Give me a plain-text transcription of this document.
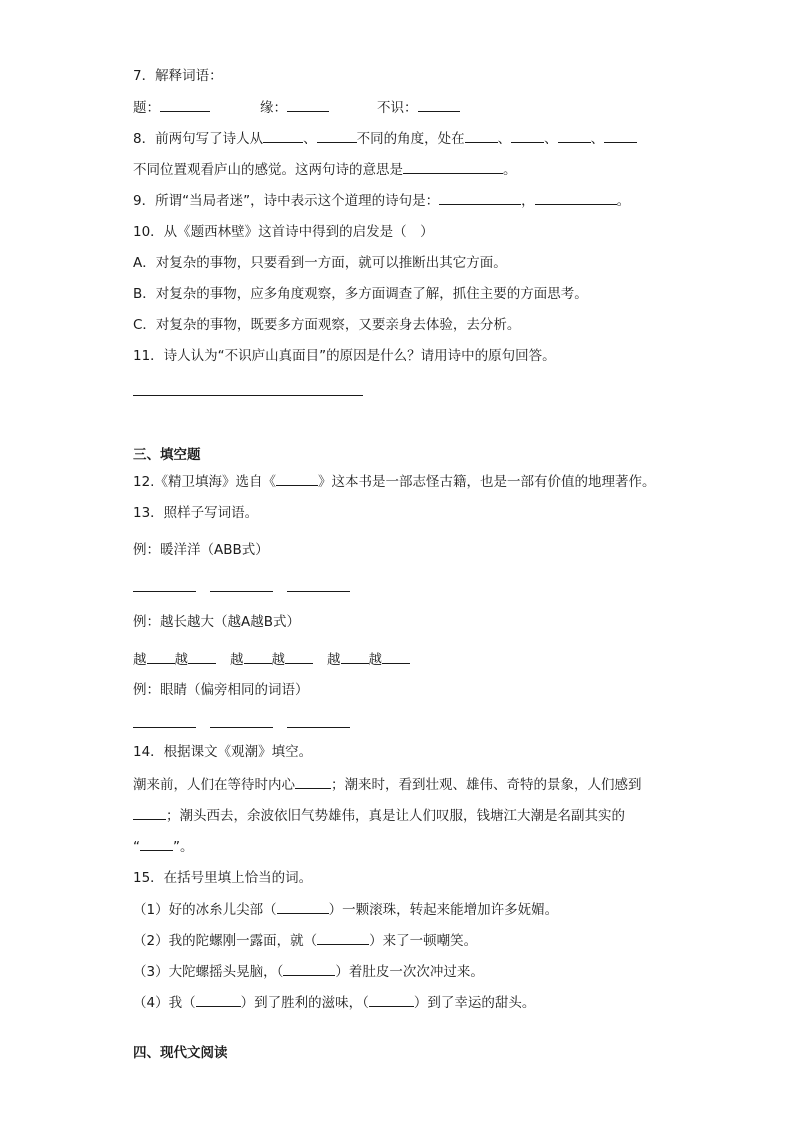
7．解释词语：
题：	缘：	不识：
8．前两句写了诗人从	、	不同的角度，处在 、 、 、
不同位置观看庐山的感觉。这两句诗的意思是	。
9．所谓“当局者迷”，诗中表示这个道理的诗句是：	，	。
10．从《题西林壁》这首诗中得到的启发是（　）
A．对复杂的事物，只要看到一方面，就可以推断出其它方面。
B．对复杂的事物，应多角度观察，多方面调查了解，抓住主要的方面思考。
C．对复杂的事物，既要多方面观察，又要亲身去体验，去分析。
11．诗人认为“不识庐山真面目”的原因是什么？请用诗中的原句回答。
三、填空题
12.《精卫填海》选自《	》这本书是一部志怪古籍，也是一部有价值的地理著作。
13．照样子写词语。
例：暖洋洋（ABB式）
例：越长越大（越A越B式）
越 越	越 越	越 越
例：眼睛（偏旁相同的词语）
14．根据课文《观潮》填空。
潮来前，人们在等待时内心	；潮来时，看到壮观、雄伟、奇特的景象，人们感到
；潮头西去，余波依旧气势雄伟，真是让人们叹服，钱塘江大潮是名副其实的
“ ”。
15．在括号里填上恰当的词。
（1）好的冰糸儿尖部（	）一颗滚珠，转起来能增加许多妩媚。
（2）我的陀螺刚一露面，就（	）来了一顿嘲笑。
（3）大陀螺摇头晃脑，（	）着肚皮一次次冲过来。
（4）我（	）到了胜利的滋味，（	）到了幸运的甜头。
四、现代文阅读
